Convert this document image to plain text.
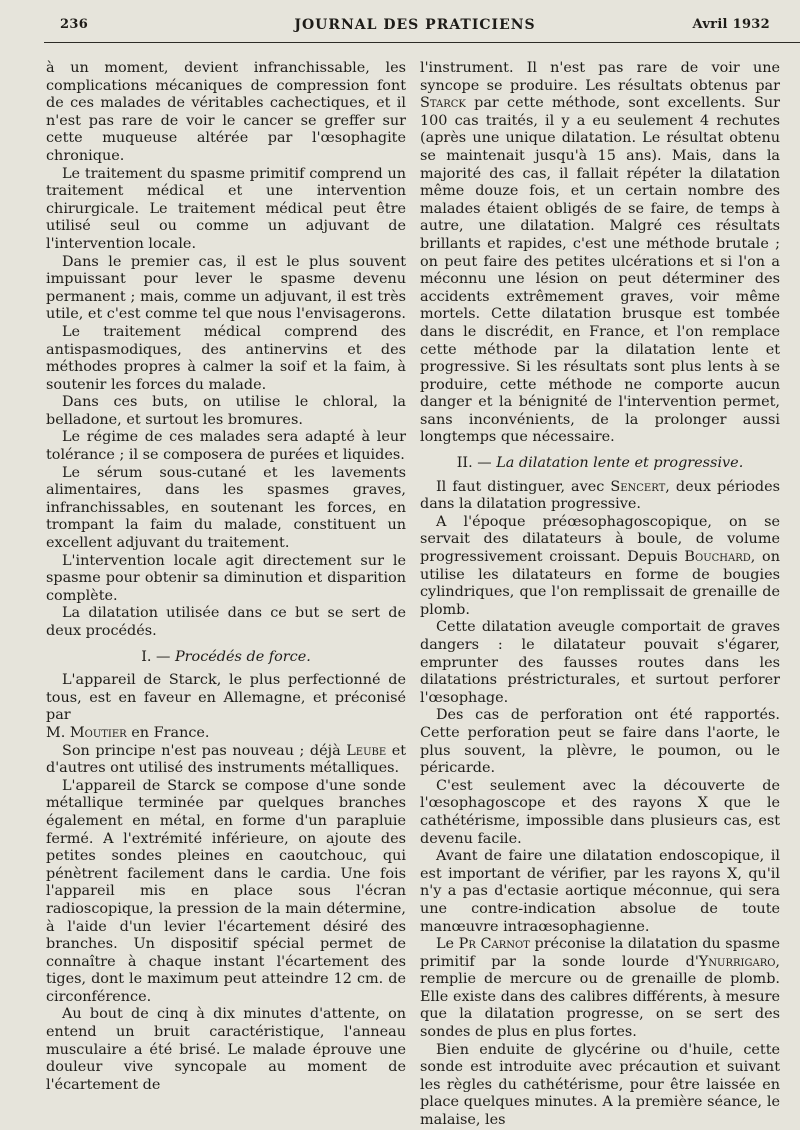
JOURNAL DES PRATICIENS
236	Avril 1932

à un moment, devient infranchissable, les complications mécaniques de compression font de ces malades de véritables cachectiques, et il n'est pas rare de voir le cancer se greffer sur cette muqueuse altérée par l'œsophagite chronique.

Le traitement du spasme primitif comprend un traitement médical et une intervention chirurgicale. Le traitement médical peut être utilisé seul ou comme un adjuvant de l'intervention locale.

Dans le premier cas, il est le plus souvent impuissant pour lever le spasme devenu permanent ; mais, comme un adjuvant, il est très utile, et c'est comme tel que nous l'envisagerons.

Le traitement médical comprend des antispasmodiques, des antinervins et des méthodes propres à calmer la soif et la faim, à soutenir les forces du malade.

Dans ces buts, on utilise le chloral, la belladone, et surtout les bromures.

Le régime de ces malades sera adapté à leur tolérance ; il se composera de purées et liquides.

Le sérum sous-cutané et les lavements alimentaires, dans les spasmes graves, infranchissables, en soutenant les forces, en trompant la faim du malade, constituent un excellent adjuvant du traitement.

L'intervention locale agit directement sur le spasme pour obtenir sa diminution et disparition complète.

La dilatation utilisée dans ce but se sert de deux procédés.

I. — Procédés de force.

L'appareil de Starck, le plus perfectionné de tous, est en faveur en Allemagne, et préconisé par
M. Moutier en France.

Son principe n'est pas nouveau ; déjà Leube et d'autres ont utilisé des instruments métalliques.

L'appareil de Starck se compose d'une sonde métallique terminée par quelques branches également en métal, en forme d'un parapluie fermé. A l'extrémité inférieure, on ajoute des petites sondes pleines en caoutchouc, qui pénètrent facilement dans le cardia. Une fois l'appareil mis en place sous l'écran radioscopique, la pression de la main détermine, à l'aide d'un levier l'écartement désiré des branches. Un dispositif spécial permet de connaître à chaque instant l'écartement des tiges, dont le maximum peut atteindre 12 cm. de circonférence.

Au bout de cinq à dix minutes d'attente, on entend un bruit caractéristique, l'anneau musculaire a été brisé. Le malade éprouve une douleur vive syncopale au moment de l'écartement de

l'instrument. Il n'est pas rare de voir une syncope se produire. Les résultats obtenus par Starck par cette méthode, sont excellents. Sur 100 cas traités, il y a eu seulement 4 rechutes (après une unique dilatation. Le résultat obtenu se maintenait jusqu'à 15 ans). Mais, dans la majorité des cas, il fallait répéter la dilatation même douze fois, et un certain nombre des malades étaient obligés de se faire, de temps à autre, une dilatation. Malgré ces résultats brillants et rapides, c'est une méthode brutale ; on peut faire des petites ulcérations et si l'on a méconnu une lésion on peut déterminer des accidents extrêmement graves, voir même mortels. Cette dilatation brusque est tombée dans le discrédit, en France, et l'on remplace cette méthode par la dilatation lente et progressive. Si les résultats sont plus lents à se produire, cette méthode ne comporte aucun danger et la bénignité de l'intervention permet, sans inconvénients, de la prolonger aussi longtemps que nécessaire.

II. — La dilatation lente et progressive.

Il faut distinguer, avec Sencert, deux périodes dans la dilatation progressive.

A l'époque préœsophagoscopique, on se servait des dilatateurs à boule, de volume progressivement croissant. Depuis Bouchard, on utilise les dilatateurs en forme de bougies cylindriques, que l'on remplissait de grenaille de plomb.

Cette dilatation aveugle comportait de graves dangers : le dilatateur pouvait s'égarer, emprunter des fausses routes dans les dilatations préstricturales, et surtout perforer l'œsophage.

Des cas de perforation ont été rapportés. Cette perforation peut se faire dans l'aorte, le plus souvent, la plèvre, le poumon, ou le péricarde.

C'est seulement avec la découverte de l'œsophagoscope et des rayons X que le cathétérisme, impossible dans plusieurs cas, est devenu facile.

Avant de faire une dilatation endoscopique, il est important de vérifier, par les rayons X, qu'il n'y a pas d'ectasie aortique méconnue, qui sera une contre-indication absolue de toute manœuvre intraœsophagienne.

Le Pr Carnot préconise la dilatation du spasme primitif par la sonde lourde d'Ynurrigaro, remplie de mercure ou de grenaille de plomb. Elle existe dans des calibres différents, à mesure que la dilatation progresse, on se sert des sondes de plus en plus fortes.

Bien enduite de glycérine ou d'huile, cette sonde est introduite avec précaution et suivant les règles du cathétérisme, pour être laissée en place quelques minutes. A la première séance, le malaise, les
